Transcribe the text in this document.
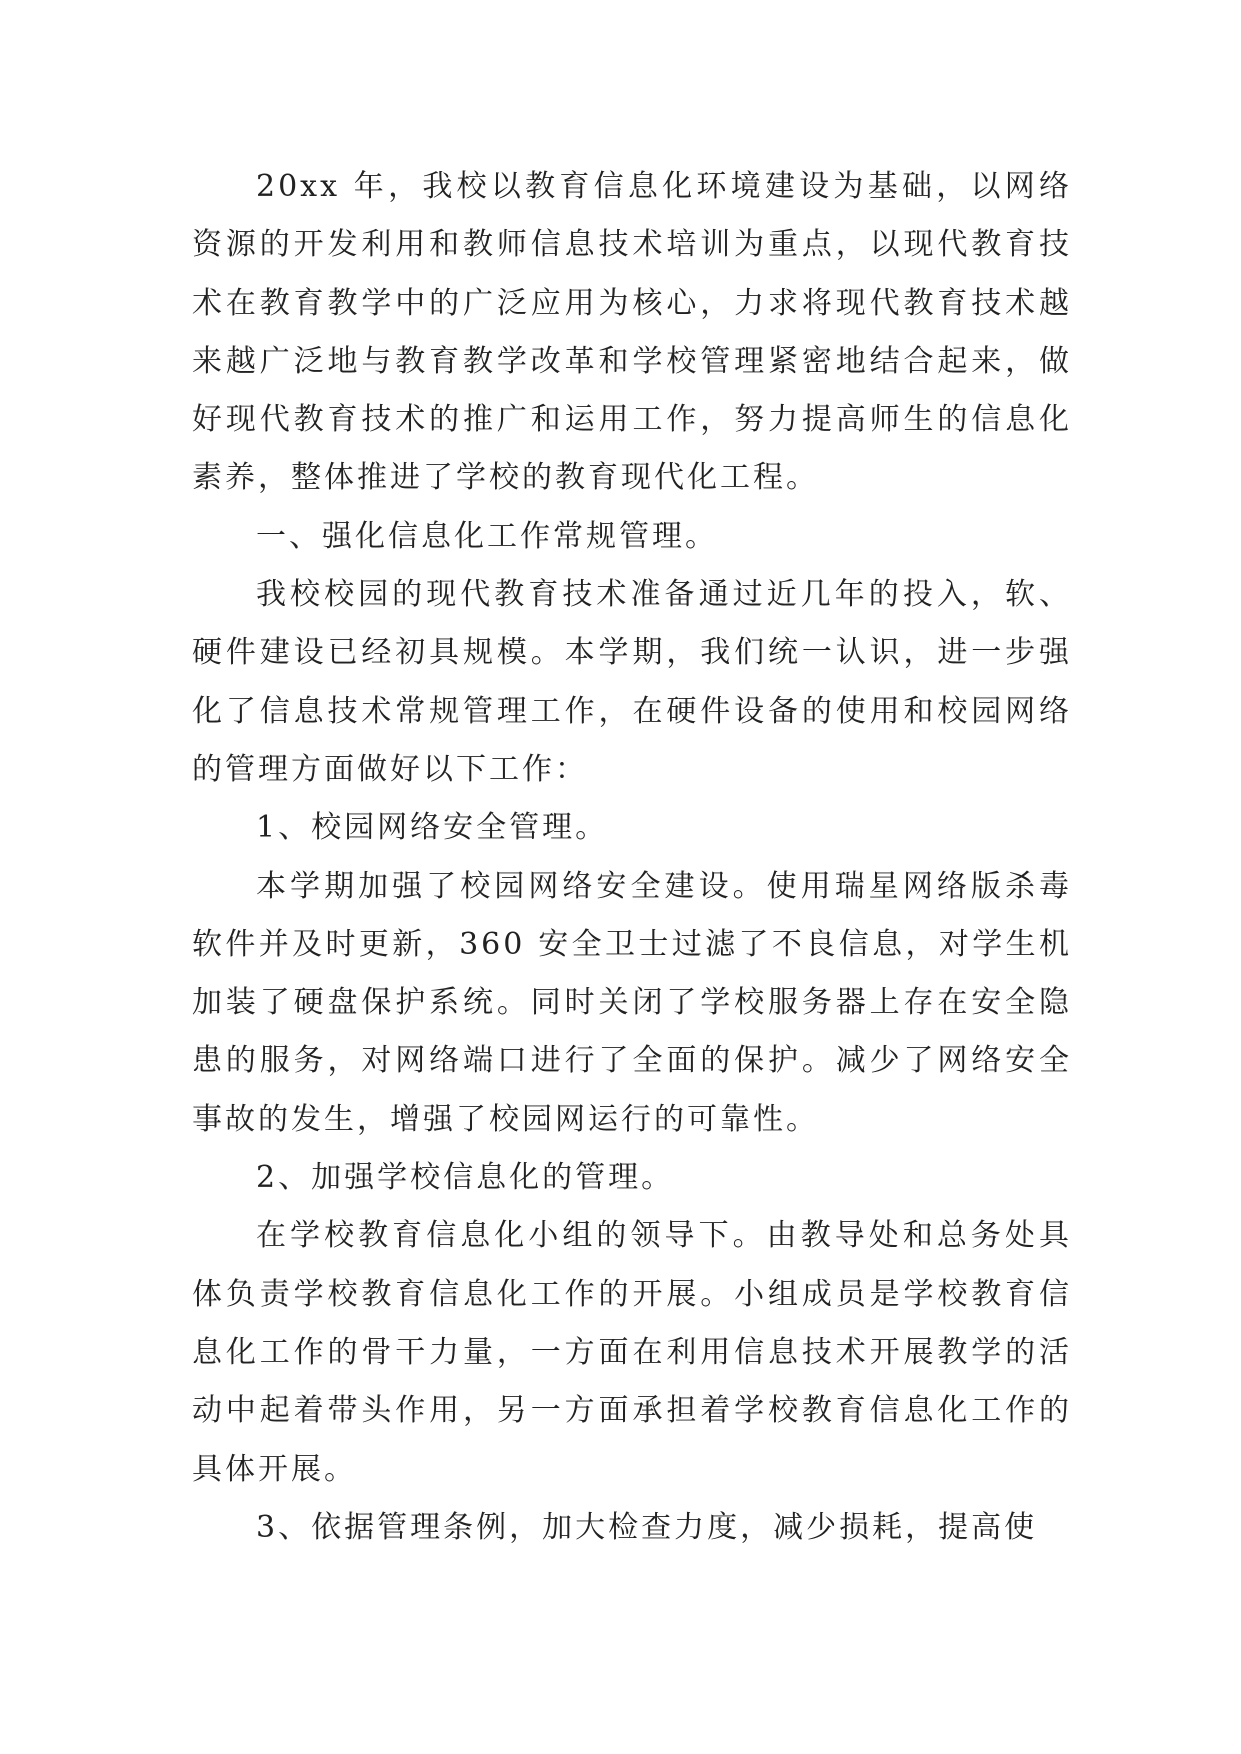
20xx 年，我校以教育信息化环境建设为基础，以网络资源的开发利用和教师信息技术培训为重点，以现代教育技术在教育教学中的广泛应用为核心，力求将现代教育技术越来越广泛地与教育教学改革和学校管理紧密地结合起来，做好现代教育技术的推广和运用工作，努力提高师生的信息化素养，整体推进了学校的教育现代化工程。

一、强化信息化工作常规管理。

我校校园的现代教育技术准备通过近几年的投入，软、硬件建设已经初具规模。本学期，我们统一认识，进一步强化了信息技术常规管理工作，在硬件设备的使用和校园网络的管理方面做好以下工作：

1、校园网络安全管理。

本学期加强了校园网络安全建设。使用瑞星网络版杀毒软件并及时更新，360 安全卫士过滤了不良信息，对学生机加装了硬盘保护系统。同时关闭了学校服务器上存在安全隐患的服务，对网络端口进行了全面的保护。减少了网络安全事故的发生，增强了校园网运行的可靠性。

2、加强学校信息化的管理。

在学校教育信息化小组的领导下。由教导处和总务处具体负责学校教育信息化工作的开展。小组成员是学校教育信息化工作的骨干力量，一方面在利用信息技术开展教学的活动中起着带头作用，另一方面承担着学校教育信息化工作的具体开展。

3、依据管理条例，加大检查力度，减少损耗，提高使
